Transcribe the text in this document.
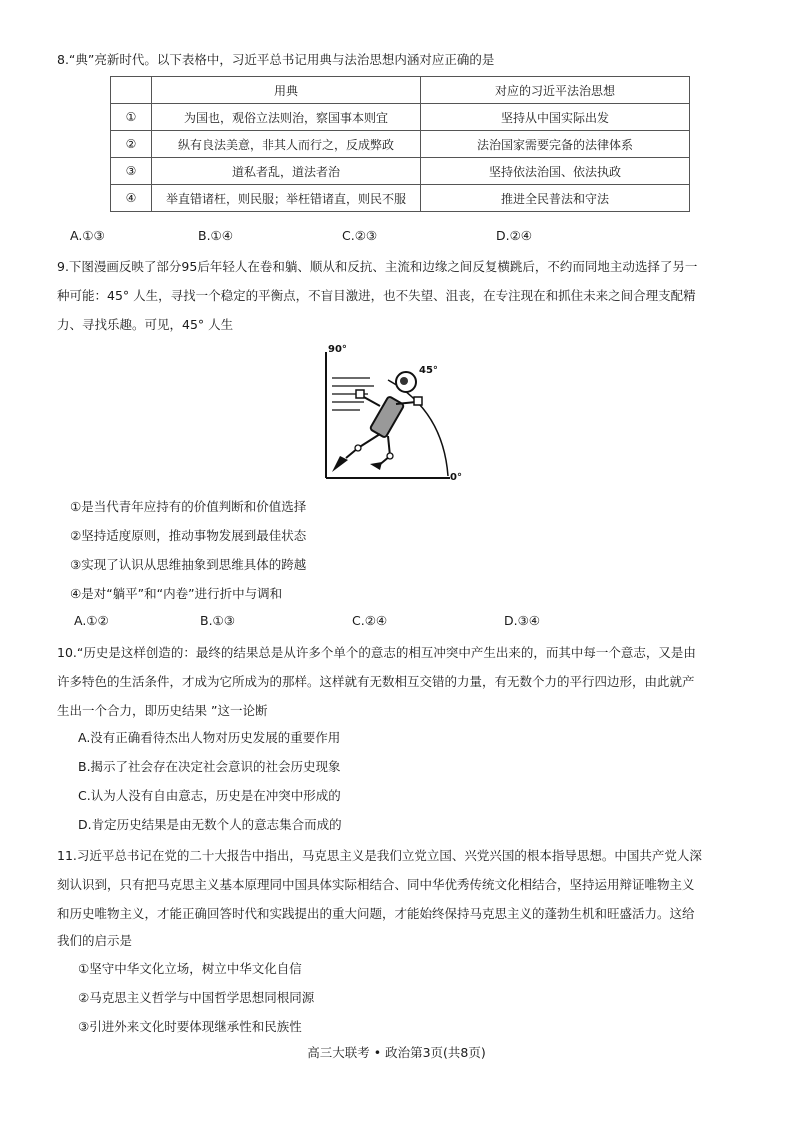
8.“典”亮新时代。以下表格中，习近平总书记用典与法治思想内涵对应正确的是
	用典	对应的习近平法治思想
①	为国也，观俗立法则治，察国事本则宜	坚持从中国实际出发
②	纵有良法美意，非其人而行之，反成弊政	法治国家需要完备的法律体系
③	道私者乱，道法者治	坚持依法治国、依法执政
④	举直错诸枉，则民服；举枉错诸直，则民不服	推进全民普法和守法
A.①③	B.①④	C.②③	D.②④
9.下图漫画反映了部分95后年轻人在卷和躺、顺从和反抗、主流和边缘之间反复横跳后，不约而同地主动选择了另一
种可能：45° 人生，寻找一个稳定的平衡点，不盲目激进，也不失望、沮丧，在专注现在和抓住未来之间合理支配精
力、寻找乐趣。可见，45° 人生
90°
45°
0°
①是当代青年应持有的价值判断和价值选择
②坚持适度原则，推动事物发展到最佳状态
③实现了认识从思维抽象到思维具体的跨越
④是对“躺平”和“内卷”进行折中与调和
A.①②	B.①③	C.②④	D.③④
10.“历史是这样创造的：最终的结果总是从许多个单个的意志的相互冲突中产生出来的，而其中每一个意志，又是由
许多特色的生活条件，才成为它所成为的那样。这样就有无数相互交错的力量，有无数个力的平行四边形，由此就产
生出一个合力，即历史结果 ”这一论断
A.没有正确看待杰出人物对历史发展的重要作用
B.揭示了社会存在决定社会意识的社会历史现象
C.认为人没有自由意志，历史是在冲突中形成的
D.肯定历史结果是由无数个人的意志集合而成的
11.习近平总书记在党的二十大报告中指出，马克思主义是我们立党立国、兴党兴国的根本指导思想。中国共产党人深
刻认识到，只有把马克思主义基本原理同中国具体实际相结合、同中华优秀传统文化相结合，坚持运用辩证唯物主义
和历史唯物主义，才能正确回答时代和实践提出的重大问题，才能始终保持马克思主义的蓬勃生机和旺盛活力。这给
我们的启示是
①坚守中华文化立场，树立中华文化自信
②马克思主义哲学与中国哲学思想同根同源
③引进外来文化时要体现继承性和民族性
高三大联考 • 政治第3页(共8页)
